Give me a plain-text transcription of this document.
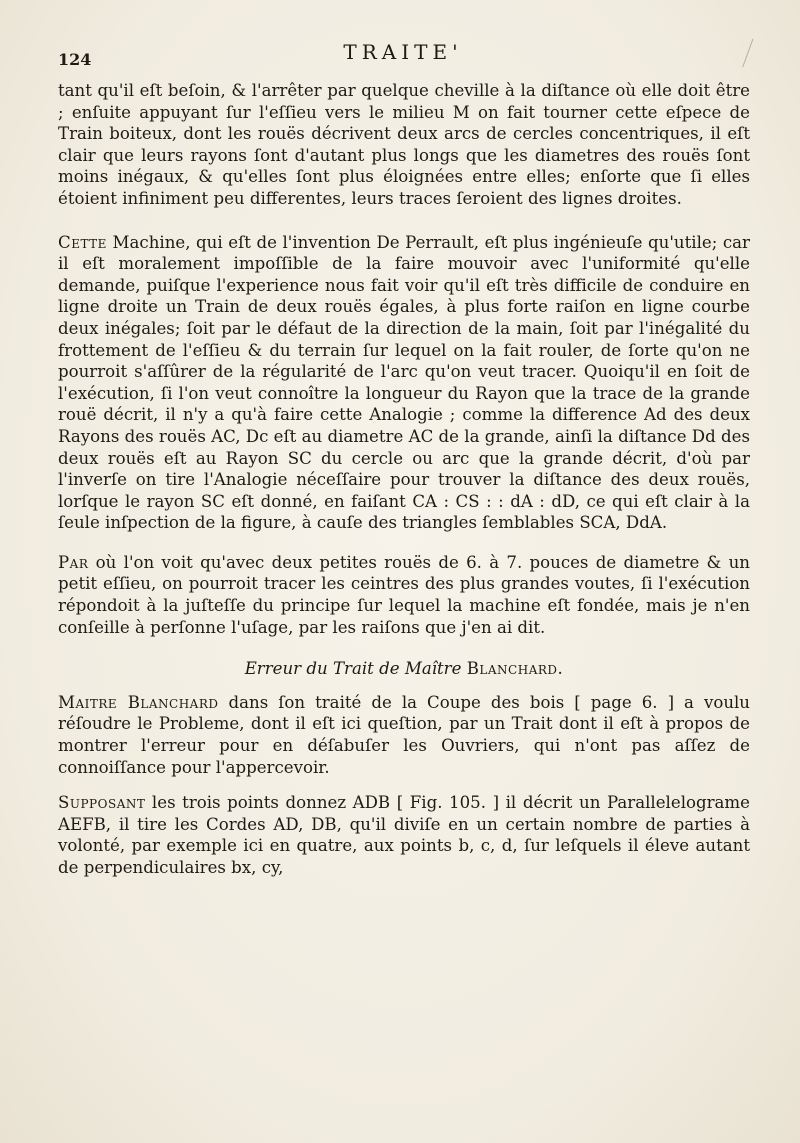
124	TRAITE'

tant qu'il eſt beſoin, & l'arrêter par quelque cheville à la diſtance où elle doit être ; enſuite appuyant ſur l'eſſieu vers le milieu M on fait tourner cette eſpece de Train boiteux, dont les rouës décrivent deux arcs de cercles concentriques, il eſt clair que leurs rayons ſont d'autant plus longs que les diametres des rouës ſont moins inégaux, & qu'elles ſont plus éloignées entre elles; enſorte que ſi elles étoient infiniment peu differentes, leurs traces ſeroient des lignes droites.

Cette Machine, qui eſt de l'invention De Perrault, eſt plus ingénieuſe qu'utile; car il eſt moralement impoſſible de la faire mouvoir avec l'uniformité qu'elle demande, puiſque l'experience nous fait voir qu'il eſt très difficile de conduire en ligne droite un Train de deux rouës égales, à plus forte raiſon en ligne courbe deux inégales; ſoit par le défaut de la direction de la main, ſoit par l'inégalité du frottement de l'eſſieu & du terrain ſur lequel on la fait rouler, de ſorte qu'on ne pourroit s'aſſûrer de la régularité de l'arc qu'on veut tracer. Quoiqu'il en ſoit de l'exécution, ſi l'on veut connoître la longueur du Rayon que la trace de la grande rouë décrit, il n'y a qu'à faire cette Analogie ; comme la difference Ad des deux Rayons des rouës AC, Dc eſt au diametre AC de la grande, ainſi la diſtance Dd des deux rouës eſt au Rayon SC du cercle ou arc que la grande décrit, d'où par l'inverſe on tire l'Analogie néceſſaire pour trouver la diſtance des deux rouës, lorſque le rayon SC eſt donné, en faiſant CA : CS : : dA : dD, ce qui eſt clair à la ſeule inſpection de la figure, à cauſe des triangles ſemblables SCA, DdA.

Par où l'on voit qu'avec deux petites rouës de 6. à 7. pouces de diametre & un petit eſſieu, on pourroit tracer les ceintres des plus grandes voutes, ſi l'exécution répondoit à la juſteſſe du principe ſur lequel la machine eſt fondée, mais je n'en conſeille à perſonne l'uſage, par les raiſons que j'en ai dit.

Erreur du Trait de Maître Blanchard.

Maitre Blanchard dans ſon traité de la Coupe des bois [ page 6. ] a voulu réſoudre le Probleme, dont il eſt ici queſtion, par un Trait dont il eſt à propos de montrer l'erreur pour en déſabuſer les Ouvriers, qui n'ont pas aſſez de connoiſſance pour l'appercevoir.

Supposant les trois points donnez ADB [ Fig. 105. ] il décrit un Parallelelograme AEFB, il tire les Cordes AD, DB, qu'il diviſe en un certain nombre de parties à volonté, par exemple ici en quatre, aux points b, c, d, ſur leſquels il éleve autant de perpendiculaires bx, cy,
